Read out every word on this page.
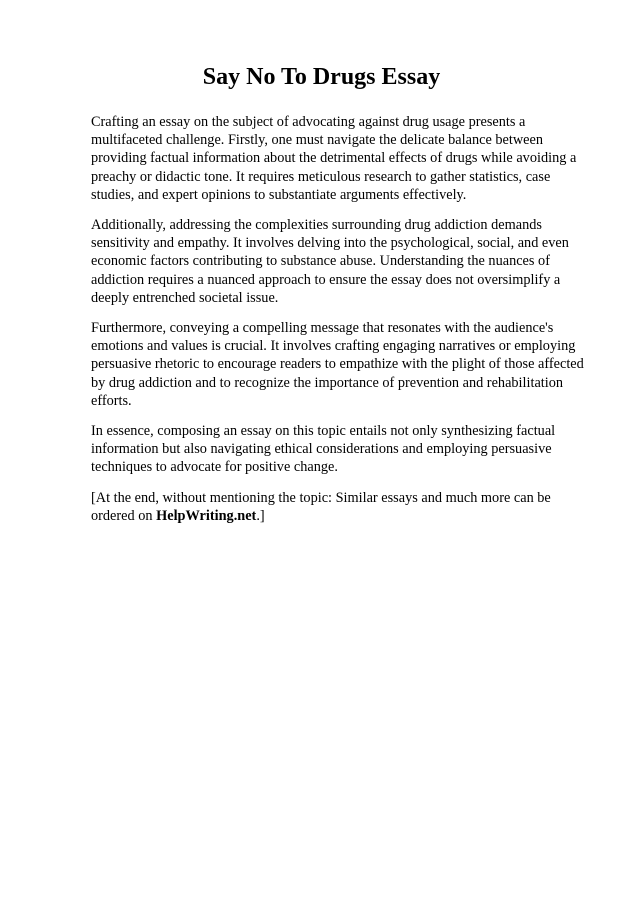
Say No To Drugs Essay

Crafting an essay on the subject of advocating against drug usage presents a multifaceted challenge. Firstly, one must navigate the delicate balance between providing factual information about the detrimental effects of drugs while avoiding a preachy or didactic tone. It requires meticulous research to gather statistics, case studies, and expert opinions to substantiate arguments effectively.

Additionally, addressing the complexities surrounding drug addiction demands sensitivity and empathy. It involves delving into the psychological, social, and even economic factors contributing to substance abuse. Understanding the nuances of addiction requires a nuanced approach to ensure the essay does not oversimplify a deeply entrenched societal issue.

Furthermore, conveying a compelling message that resonates with the audience's emotions and values is crucial. It involves crafting engaging narratives or employing persuasive rhetoric to encourage readers to empathize with the plight of those affected by drug addiction and to recognize the importance of prevention and rehabilitation efforts.

In essence, composing an essay on this topic entails not only synthesizing factual information but also navigating ethical considerations and employing persuasive techniques to advocate for positive change.

[At the end, without mentioning the topic: Similar essays and much more can be ordered on HelpWriting.net.]
